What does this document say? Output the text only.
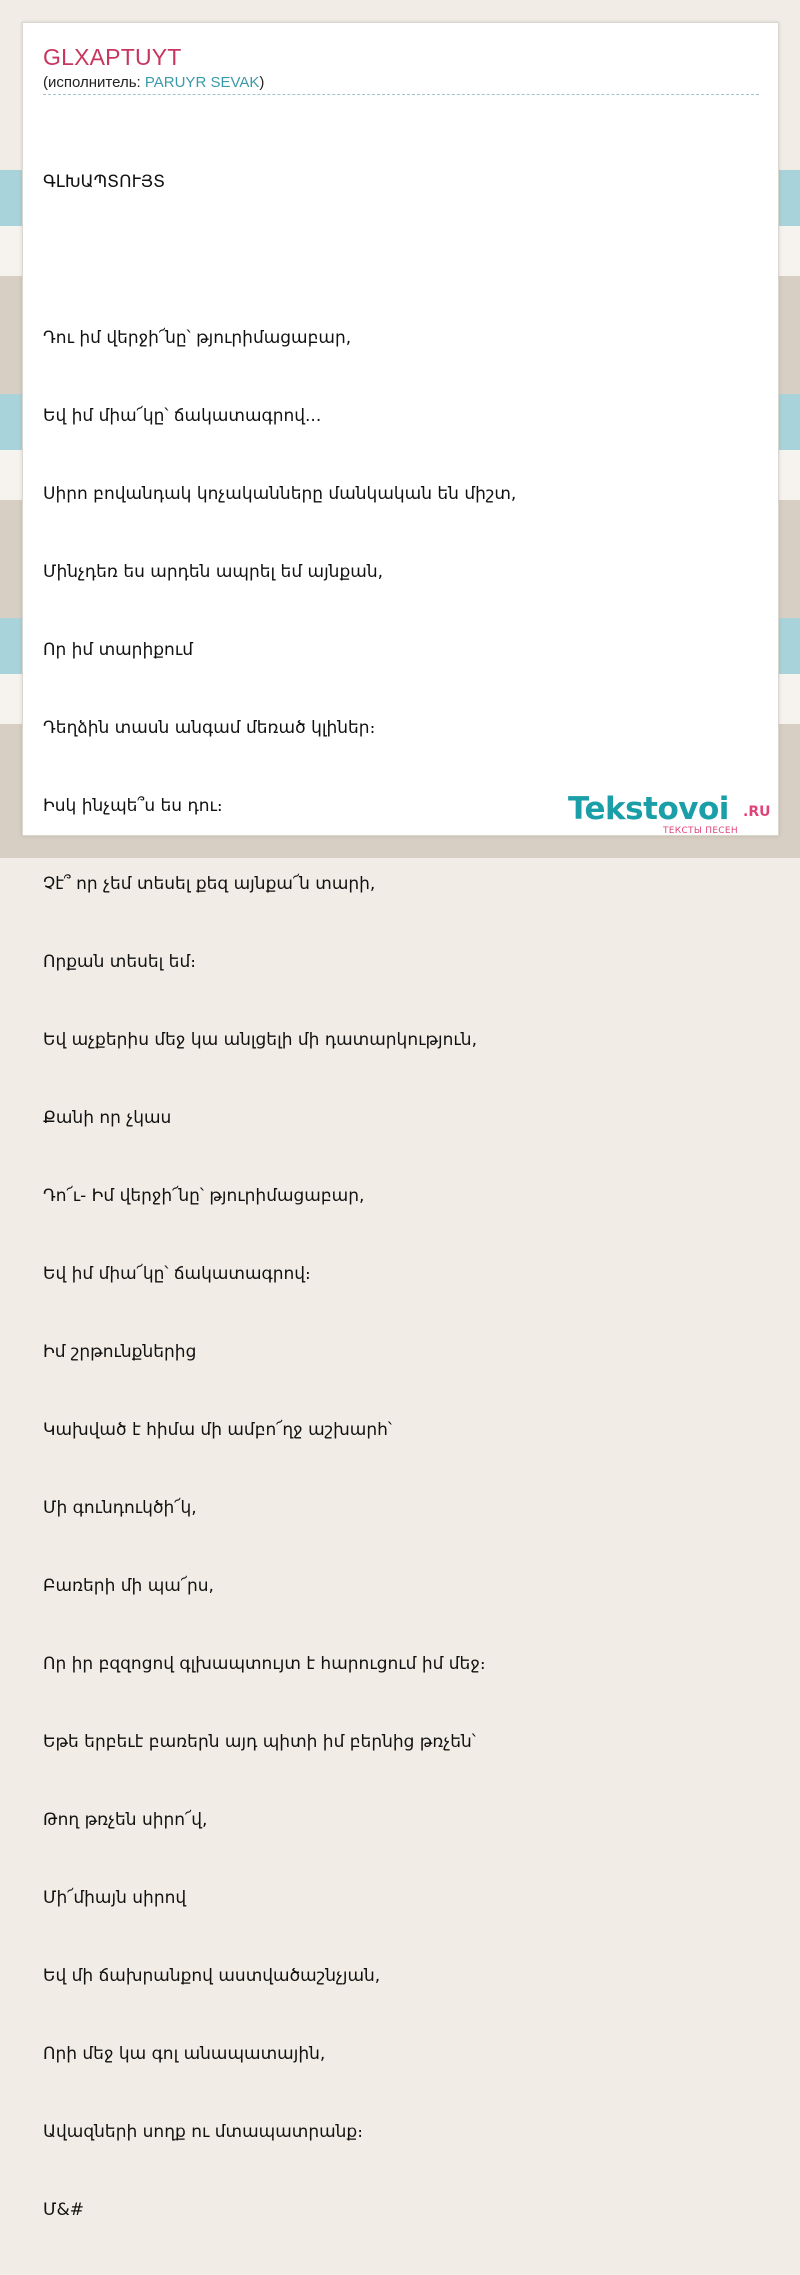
GLXAPTUYT
(исполнитель: PARUYR SEVAK)

ԳԼԽԱՊՏՈՒՅՏ

Դու իմ վերջի՜նը՝ թյուրիմացաբար,

Եվ իմ միա՜կը՝ ճակատագրով...

Սիրո բովանդակ կոչականները մանկական են միշտ,

Մինչդեռ ես արդեն ապրել եմ այնքան,

Որ իմ տարիքում

Դեղձին տասն անգամ մեռած կլիներ։

Իսկ ինչպե՞ս ես դու։

Չէ՞ որ չեմ տեսել քեզ այնքա՜ն տարի,

Որքան տեսել եմ։

Եվ աչքերիս մեջ կա անլցելի մի դատարկություն,

Քանի որ չկաս

Դո՜ւ- Իմ վերջի՜նը՝ թյուրիմացաբար,

Եվ իմ միա՜կը՝ ճակատագրով։

Իմ շրթունքներից

Կախված է հիմա մի ամբո՜ղջ աշխարհ՝

Մի գունդուկծի՜կ,

Բառերի մի պա՜րս,

Որ իր բզզոցով գլխապտույտ է հարուցում իմ մեջ։

Եթե երբեւէ բառերն այդ պիտի իմ բերնից թռչեն՝

Թող թռչեն սիրո՜վ,

Մի՜միայն սիրով

Եվ մի ճախրանքով աստվածաշնչյան,

Որի մեջ կա գոլ անապատային,

Ավազների սողք ու մտապատրանք։

Մ&#

Tekstovoi .RU
ТЕКСТЫ ПЕСЕН
